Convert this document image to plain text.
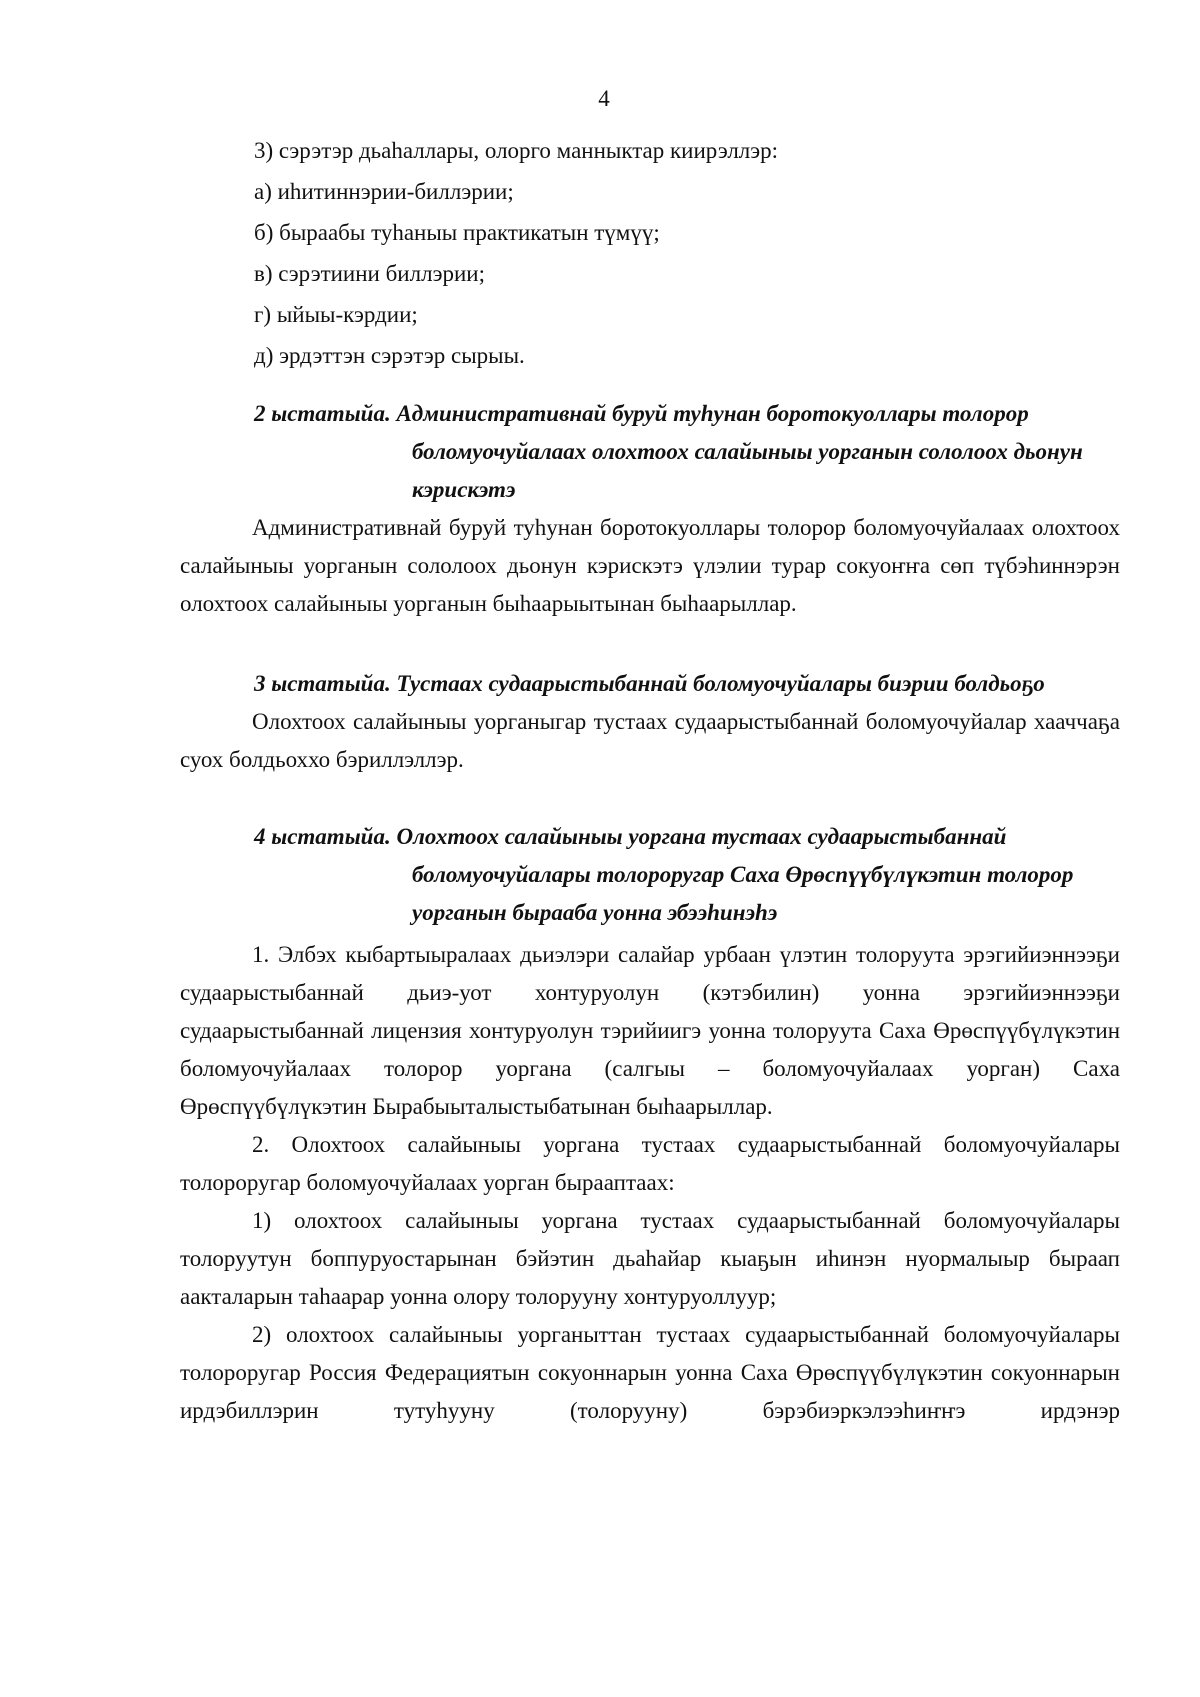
4
3) сэрэтэр дьаһаллары, олорго манныктар киирэллэр:
а) иһитиннэрии-биллэрии;
б) быраабы туһаныы практикатын түмүү;
в) сэрэтиини биллэрии;
г) ыйыы-кэрдии;
д) эрдэттэн сэрэтэр сырыы.
2 ыстатыйа. Административнай буруй туһунан боротокуоллары толорор
боломуочуйалаах олохтоох салайыныы уорганын сололоох дьонун кэрискэтэ
Административнай буруй туһунан боротокуоллары толорор боломуочуйалаах олохтоох салайыныы уорганын сололоох дьонун кэрискэтэ үлэлии турар сокуоҥҥа сөп түбэһиннэрэн олохтоох салайыныы уорганын быһаарыытынан быһаарыллар.
3 ыстатыйа. Тустаах судаарыстыбаннай боломуочуйалары биэрии болдьоҕо
Олохтоох салайыныы уорганыгар тустаах судаарыстыбаннай боломуочуйалар хааччаҕа суох болдьоххо бэриллэллэр.
4 ыстатыйа. Олохтоох салайыныы уоргана тустаах судаарыстыбаннай
боломуочуйалары толороругар Саха Өрөспүүбүлүкэтин толорор уорганын бырааба уонна эбээһинэһэ
1. Элбэх кыбартыыралаах дьиэлэри салайар урбаан үлэтин толоруута эрэгийиэннээҕи судаарыстыбаннай дьиэ-уот хонтуруолун (кэтэбилин) уонна эрэгийиэннээҕи судаарыстыбаннай лицензия хонтуруолун тэрийиигэ уонна толоруута Саха Өрөспүүбүлүкэтин боломуочуйалаах толорор уоргана (салгыы – боломуочуйалаах уорган) Саха Өрөспүүбүлүкэтин Бырабыыталыстыбатынан быһаарыллар.
2. Олохтоох салайыныы уоргана тустаах судаарыстыбаннай боломуочуйалары толороругар боломуочуйалаах уорган бырааптаах:
1) олохтоох салайыныы уоргана тустаах судаарыстыбаннай боломуочуйалары толоруутун боппуруостарынан бэйэтин дьаһайар кыаҕын иһинэн нуормалыыр быраап аакталарын таһаарар уонна олору толорууну хонтуруоллуур;
2) олохтоох салайыныы уорганыттан тустаах судаарыстыбаннай боломуочуйалары толороругар Россия Федерациятын сокуоннарын уонна Саха Өрөспүүбүлүкэтин сокуоннарын ирдэбиллэрин тутуһууну (толорууну) бэрэбиэркэлээһиҥҥэ ирдэнэр
